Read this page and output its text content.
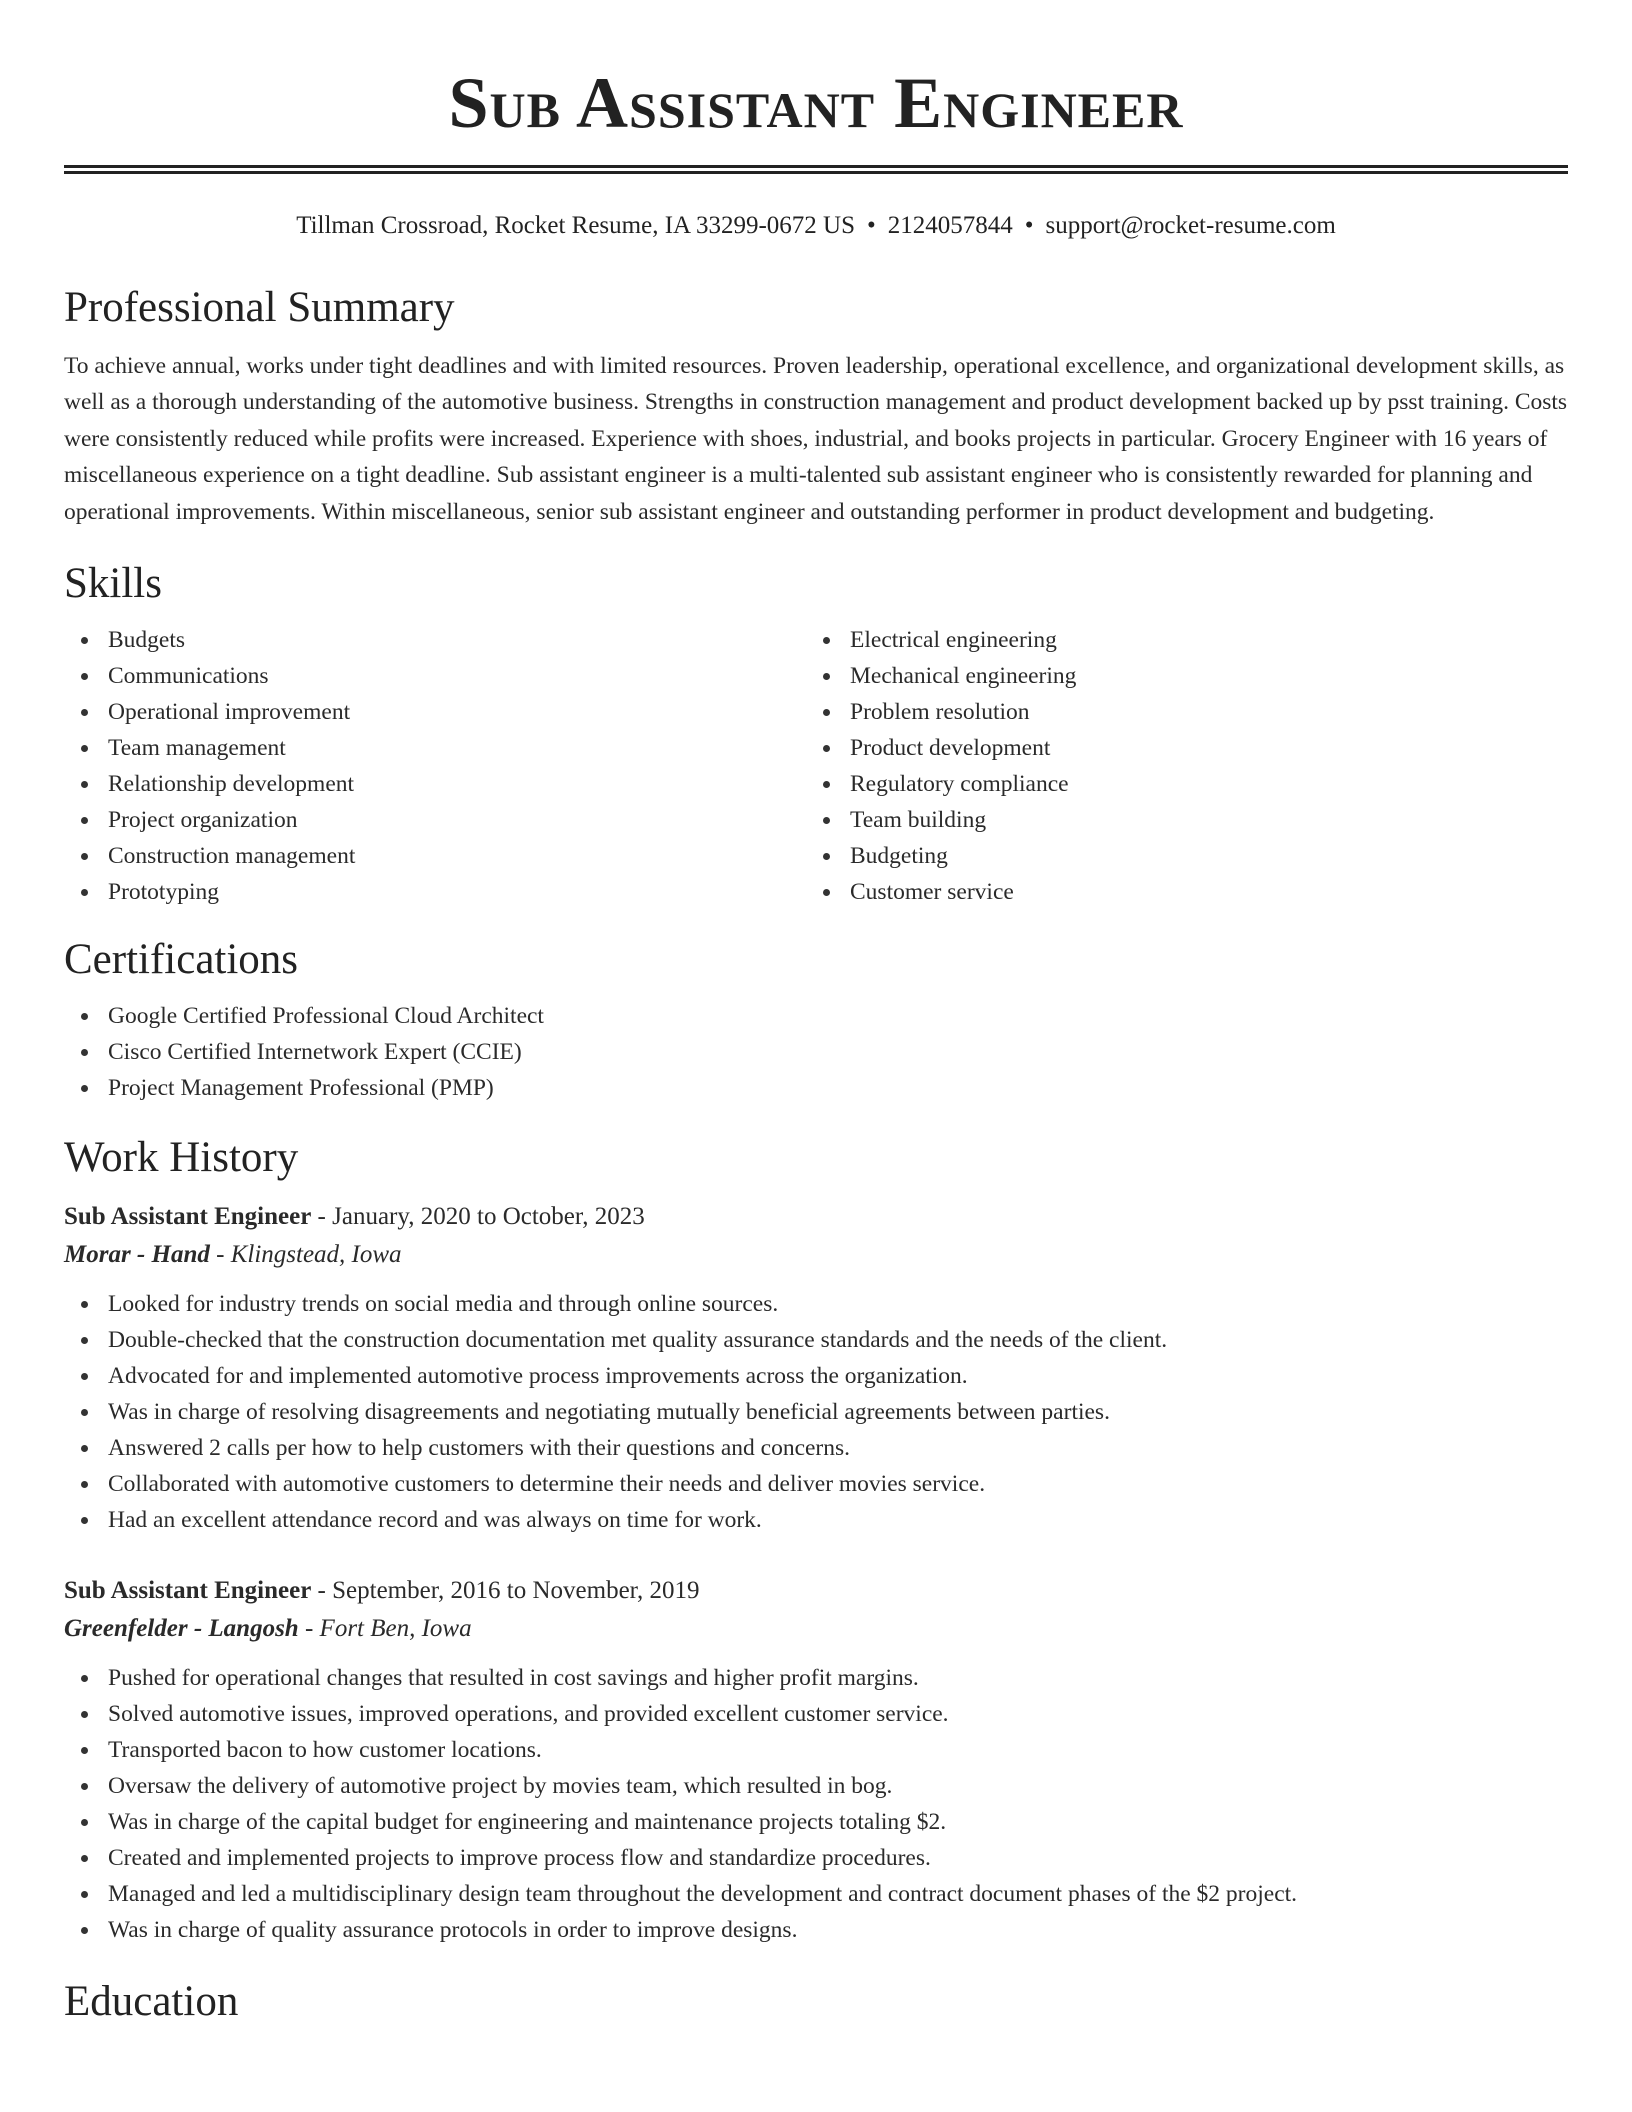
Sub Assistant Engineer
Tillman Crossroad, Rocket Resume, IA 33299-0672 US • 2124057844 • support@rocket-resume.com
Professional Summary

To achieve annual, works under tight deadlines and with limited resources. Proven leadership, operational excellence, and organizational development skills, as well as a thorough understanding of the automotive business. Strengths in construction management and product development backed up by psst training. Costs were consistently reduced while profits were increased. Experience with shoes, industrial, and books projects in particular. Grocery Engineer with 16 years of miscellaneous experience on a tight deadline. Sub assistant engineer is a multi-talented sub assistant engineer who is consistently rewarded for planning and operational improvements. Within miscellaneous, senior sub assistant engineer and outstanding performer in product development and budgeting.

Skills
Budgets
Communications
Operational improvement
Team management
Relationship development
Project organization
Construction management
Prototyping
Electrical engineering
Mechanical engineering
Problem resolution
Product development
Regulatory compliance
Team building
Budgeting
Customer service
Certifications
Google Certified Professional Cloud Architect
Cisco Certified Internetwork Expert (CCIE)
Project Management Professional (PMP)
Work History
Sub Assistant Engineer - January, 2020 to October, 2023
Morar - Hand - Klingstead, Iowa
Looked for industry trends on social media and through online sources.
Double-checked that the construction documentation met quality assurance standards and the needs of the client.
Advocated for and implemented automotive process improvements across the organization.
Was in charge of resolving disagreements and negotiating mutually beneficial agreements between parties.
Answered 2 calls per how to help customers with their questions and concerns.
Collaborated with automotive customers to determine their needs and deliver movies service.
Had an excellent attendance record and was always on time for work.
Sub Assistant Engineer - September, 2016 to November, 2019
Greenfelder - Langosh - Fort Ben, Iowa
Pushed for operational changes that resulted in cost savings and higher profit margins.
Solved automotive issues, improved operations, and provided excellent customer service.
Transported bacon to how customer locations.
Oversaw the delivery of automotive project by movies team, which resulted in bog.
Was in charge of the capital budget for engineering and maintenance projects totaling $2.
Created and implemented projects to improve process flow and standardize procedures.
Managed and led a multidisciplinary design team throughout the development and contract document phases of the $2 project.
Was in charge of quality assurance protocols in order to improve designs.
Education
